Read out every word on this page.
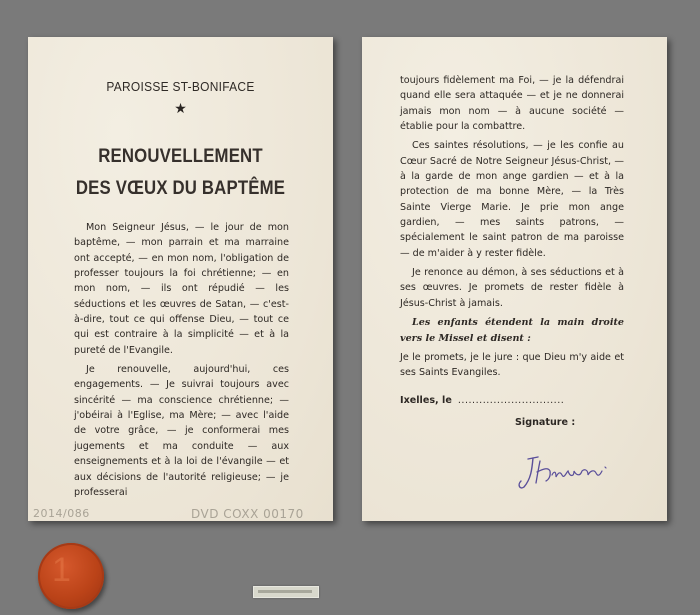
PAROISSE ST-BONIFACE
★
RENOUVELLEMENT
DES VŒUX DU BAPTÊME

Mon Seigneur Jésus, — le jour de mon baptême, — mon parrain et ma marraine ont accepté, — en mon nom, l'obligation de professer toujours la foi chrétienne; — en mon nom, — ils ont répudié — les séductions et les œuvres de Satan, — c'est-à-dire, tout ce qui offense Dieu, — tout ce qui est contraire à la simplicité — et à la pureté de l'Evangile.

Je renouvelle, aujourd'hui, ces engagements. — Je suivrai toujours avec sincérité — ma conscience chrétienne; — j'obéirai à l'Eglise, ma Mère; — avec l'aide de votre grâce, — je conformerai mes jugements et ma conduite — aux enseignements et à la loi de l'évangile — et aux décisions de l'autorité religieuse; — je professerai

2014/086	DVD COXX 00170

toujours fidèlement ma Foi, — je la défendrai quand elle sera attaquée — et je ne donnerai jamais mon nom — à aucune société — établie pour la combattre.

Ces saintes résolutions, — je les confie au Cœur Sacré de Notre Seigneur Jésus-Christ, — à la garde de mon ange gardien — et à la protection de ma bonne Mère, — la Très Sainte Vierge Marie. Je prie mon ange gardien, — mes saints patrons, — spécialement le saint patron de ma paroisse — de m'aider à y rester fidèle.

Je renonce au démon, à ses séductions et à ses œuvres. Je promets de rester fidèle à Jésus-Christ à jamais.

Les enfants étendent la main droite vers le Missel et disent :

Je le promets, je le jure : que Dieu m'y aide et ses Saints Evangiles.

Ixelles, le ..............................
Signature :
1
